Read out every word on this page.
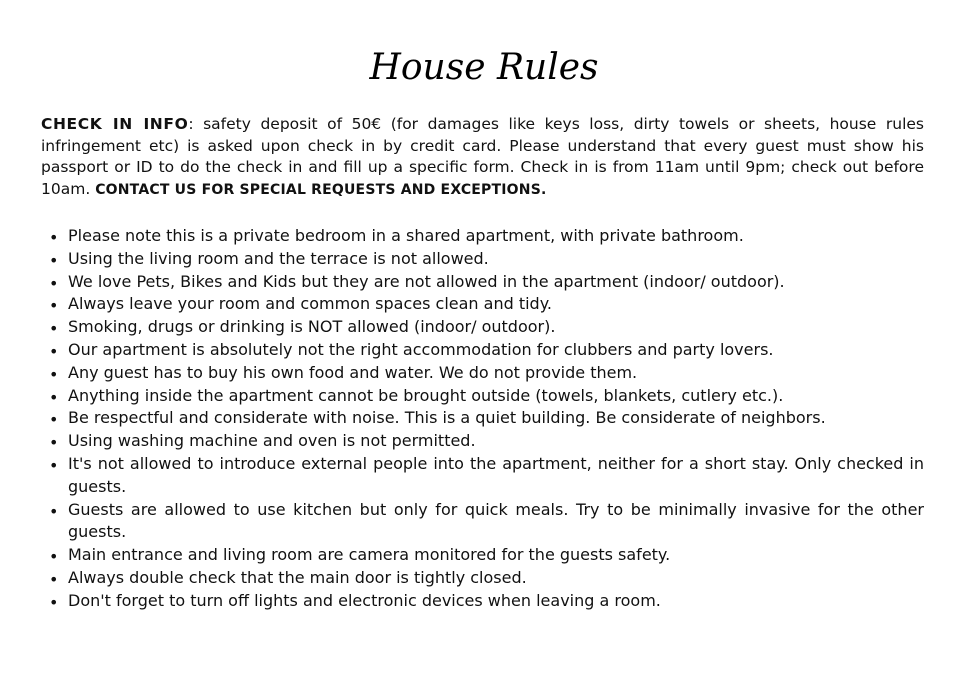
House Rules
CHECK IN INFO: safety deposit of 50€ (for damages like keys loss, dirty towels or sheets, house rules infringement etc) is asked upon check in by credit card. Please understand that every guest must show his passport or ID to do the check in and fill up a specific form. Check in is from 11am until 9pm; check out before 10am. CONTACT US FOR SPECIAL REQUESTS AND EXCEPTIONS.
• Please note this is a private bedroom in a shared apartment, with private bathroom.
• Using the living room and the terrace is not allowed.
• We love Pets, Bikes and Kids but they are not allowed in the apartment (indoor/ outdoor).
• Always leave your room and common spaces clean and tidy.
• Smoking, drugs or drinking is NOT allowed (indoor/ outdoor).
• Our apartment is absolutely not the right accommodation for clubbers and party lovers.
• Any guest has to buy his own food and water. We do not provide them.
• Anything inside the apartment cannot be brought outside (towels, blankets, cutlery etc.).
• Be respectful and considerate with noise. This is a quiet building. Be considerate of neighbors.
• Using washing machine and oven is not permitted.
• It's not allowed to introduce external people into the apartment, neither for a short stay. Only checked in guests.
• Guests are allowed to use kitchen but only for quick meals. Try to be minimally invasive for the other guests.
• Main entrance and living room are camera monitored for the guests safety.
• Always double check that the main door is tightly closed.
• Don't forget to turn off lights and electronic devices when leaving a room.
